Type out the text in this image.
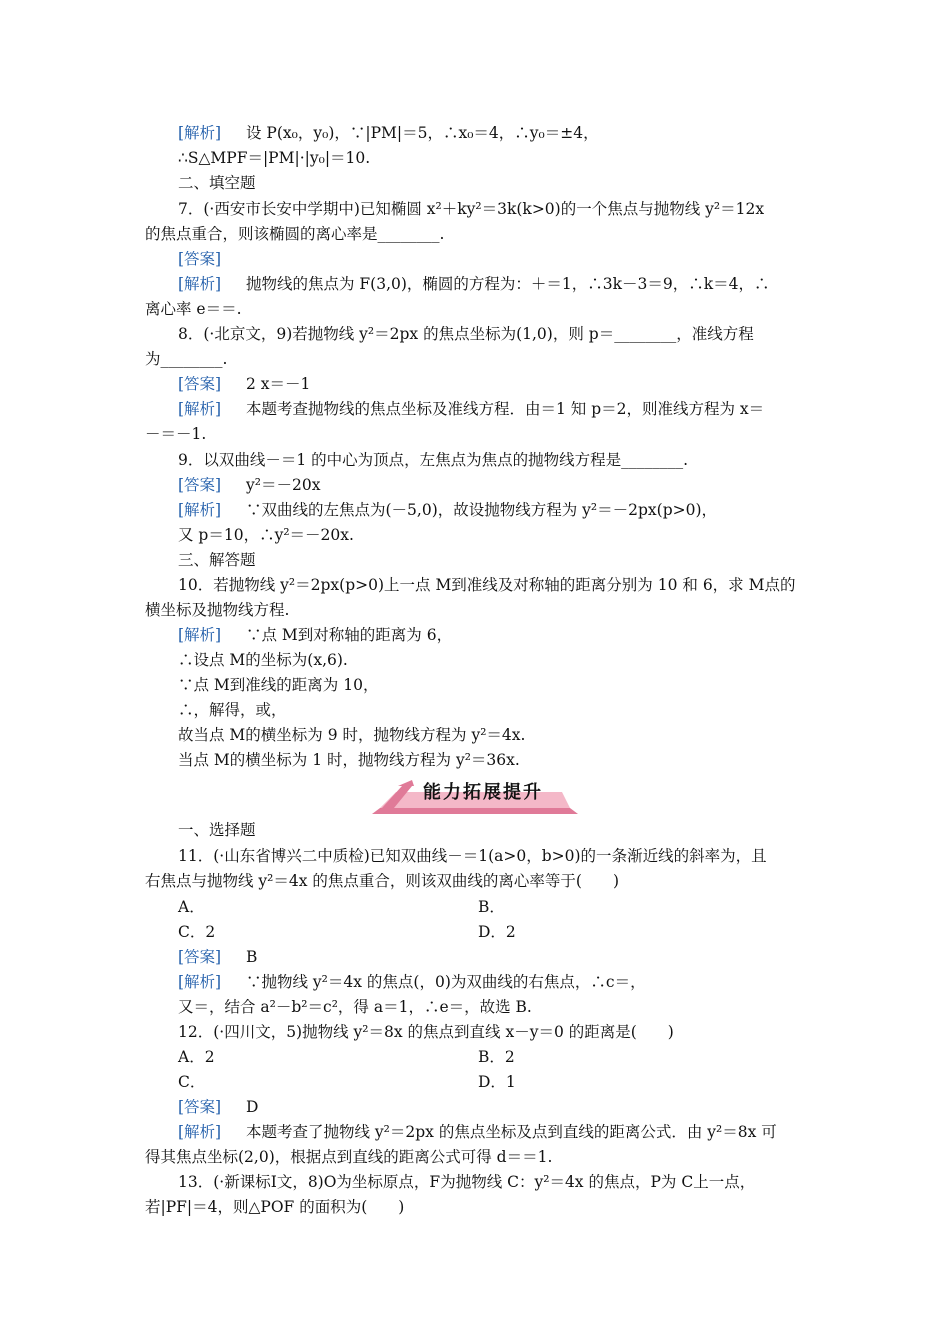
[解析] 设 P(x₀，y₀)，∵|PM|＝5，∴x₀＝4，∴y₀＝±4，
∴S△MPF＝|PM|·|y₀|＝10.
二、填空题
7．(·西安市长安中学期中)已知椭圆 x²＋ky²＝3k(k>0)的一个焦点与抛物线 y²＝12x
的焦点重合，则该椭圆的离心率是________.
[答案]
[解析] 抛物线的焦点为 F(3,0)，椭圆的方程为：＋＝1，∴3k－3＝9，∴k＝4，∴
离心率 e＝＝.
8．(·北京文，9)若抛物线 y²＝2px 的焦点坐标为(1,0)，则 p＝________，准线方程
为________.
[答案] 2 x＝－1
[解析] 本题考查抛物线的焦点坐标及准线方程．由＝1 知 p＝2，则准线方程为 x＝
－＝－1.
9．以双曲线－＝1 的中心为顶点，左焦点为焦点的抛物线方程是________.
[答案] y²＝－20x
[解析] ∵双曲线的左焦点为(－5,0)，故设抛物线方程为 y²＝－2px(p>0)，
又 p＝10，∴y²＝－20x.
三、解答题
10．若抛物线 y²＝2px(p>0)上一点 M到准线及对称轴的距离分别为 10 和 6，求 M点的
横坐标及抛物线方程.
[解析] ∵点 M到对称轴的距离为 6，
∴设点 M的坐标为(x,6).
∵点 M到准线的距离为 10，
∴，解得，或，
故当点 M的横坐标为 9 时，抛物线方程为 y²＝4x.
当点 M的横坐标为 1 时，抛物线方程为 y²＝36x.
能力拓展提升
一、选择题
11．(·山东省博兴二中质检)已知双曲线－＝1(a>0，b>0)的一条渐近线的斜率为，且
右焦点与抛物线 y²＝4x 的焦点重合，则该双曲线的离心率等于(　　)
A．	B．
C．2	D．2
[答案] B
[解析] ∵抛物线 y²＝4x 的焦点(，0)为双曲线的右焦点，∴c＝，
又＝，结合 a²－b²＝c²，得 a＝1，∴e＝，故选 B.
12．(·四川文，5)抛物线 y²＝8x 的焦点到直线 x－y＝0 的距离是(　　)
A．2	B．2
C．	D．1
[答案] D
[解析] 本题考查了抛物线 y²＝2px 的焦点坐标及点到直线的距离公式．由 y²＝8x 可
得其焦点坐标(2,0)，根据点到直线的距离公式可得 d＝＝1.
13．(·新课标Ⅰ文，8)O为坐标原点，F为抛物线 C：y²＝4x 的焦点，P为 C上一点，
若|PF|＝4，则△POF 的面积为(　　)
